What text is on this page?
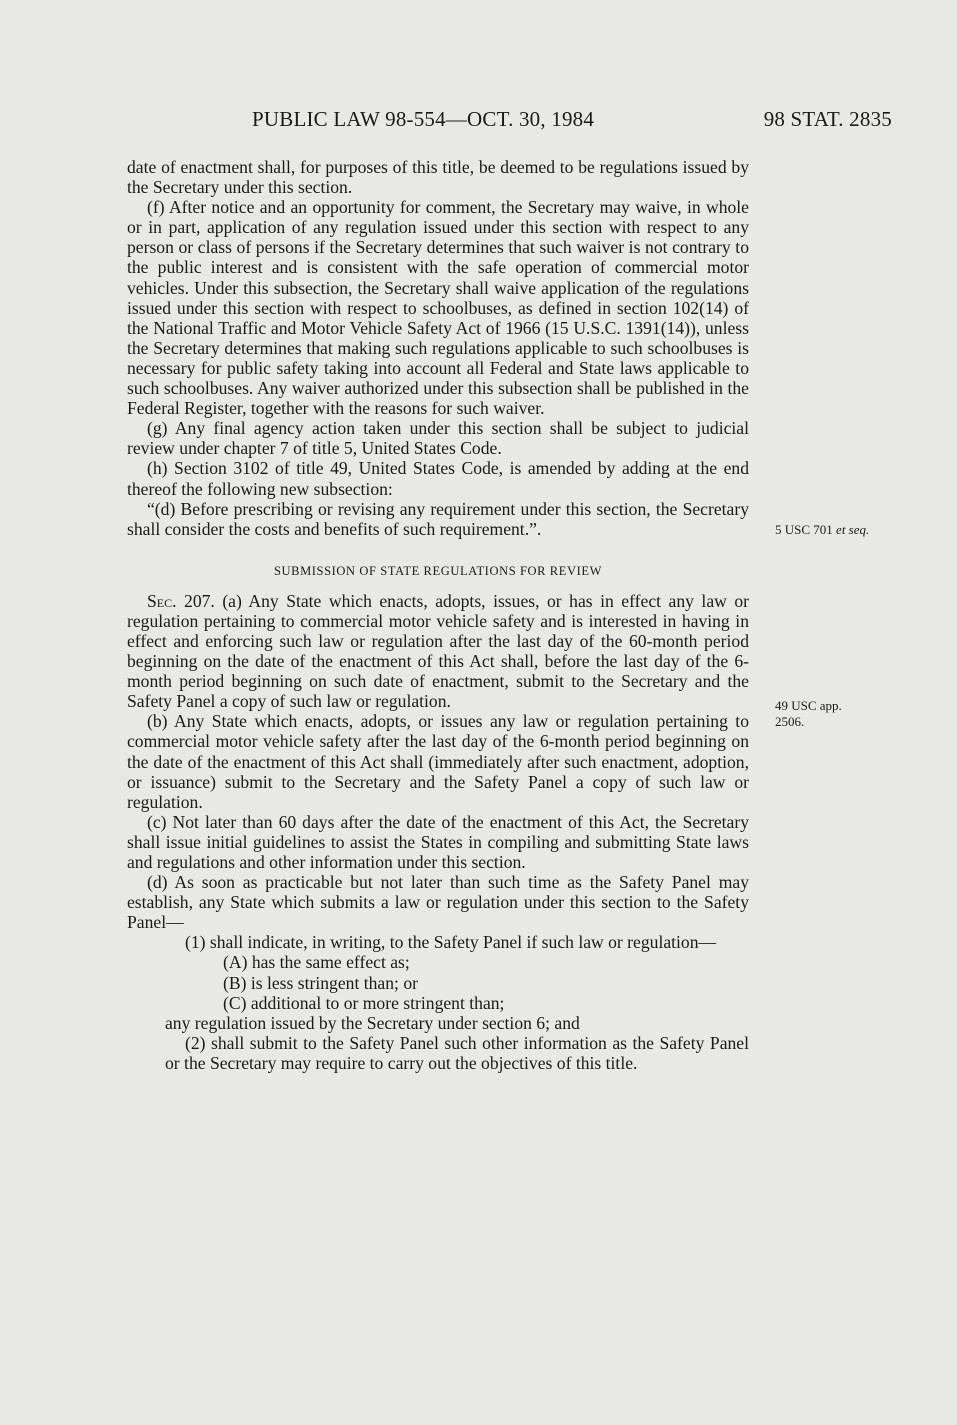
PUBLIC LAW 98-554—OCT. 30, 1984	98 STAT. 2835

date of enactment shall, for purposes of this title, be deemed to be regulations issued by the Secretary under this section.

(f) After notice and an opportunity for comment, the Secretary may waive, in whole or in part, application of any regulation issued under this section with respect to any person or class of persons if the Secretary determines that such waiver is not contrary to the public interest and is consistent with the safe operation of commercial motor vehicles. Under this subsection, the Secretary shall waive application of the regulations issued under this section with respect to schoolbuses, as defined in section 102(14) of the National Traffic and Motor Vehicle Safety Act of 1966 (15 U.S.C. 1391(14)), unless the Secretary determines that making such regulations applicable to such schoolbuses is necessary for public safety taking into account all Federal and State laws applicable to such schoolbuses. Any waiver authorized under this subsection shall be published in the Federal Register, together with the reasons for such waiver.

(g) Any final agency action taken under this section shall be subject to judicial review under chapter 7 of title 5, United States Code.

(h) Section 3102 of title 49, United States Code, is amended by adding at the end thereof the following new subsection:

“(d) Before prescribing or revising any requirement under this section, the Secretary shall consider the costs and benefits of such requirement.”.

SUBMISSION OF STATE REGULATIONS FOR REVIEW

Sec. 207. (a) Any State which enacts, adopts, issues, or has in effect any law or regulation pertaining to commercial motor vehicle safety and is interested in having in effect and enforcing such law or regulation after the last day of the 60-month period beginning on the date of the enactment of this Act shall, before the last day of the 6-month period beginning on such date of enactment, submit to the Secretary and the Safety Panel a copy of such law or regulation.

(b) Any State which enacts, adopts, or issues any law or regulation pertaining to commercial motor vehicle safety after the last day of the 6-month period beginning on the date of the enactment of this Act shall (immediately after such enactment, adoption, or issuance) submit to the Secretary and the Safety Panel a copy of such law or regulation.

(c) Not later than 60 days after the date of the enactment of this Act, the Secretary shall issue initial guidelines to assist the States in compiling and submitting State laws and regulations and other information under this section.

(d) As soon as practicable but not later than such time as the Safety Panel may establish, any State which submits a law or regulation under this section to the Safety Panel—

(1) shall indicate, in writing, to the Safety Panel if such law or regulation—

(A) has the same effect as;

(B) is less stringent than; or

(C) additional to or more stringent than;

any regulation issued by the Secretary under section 6; and

(2) shall submit to the Safety Panel such other information as the Safety Panel or the Secretary may require to carry out the objectives of this title.

5 USC 701 et seq.
49 USC app. 2506.
